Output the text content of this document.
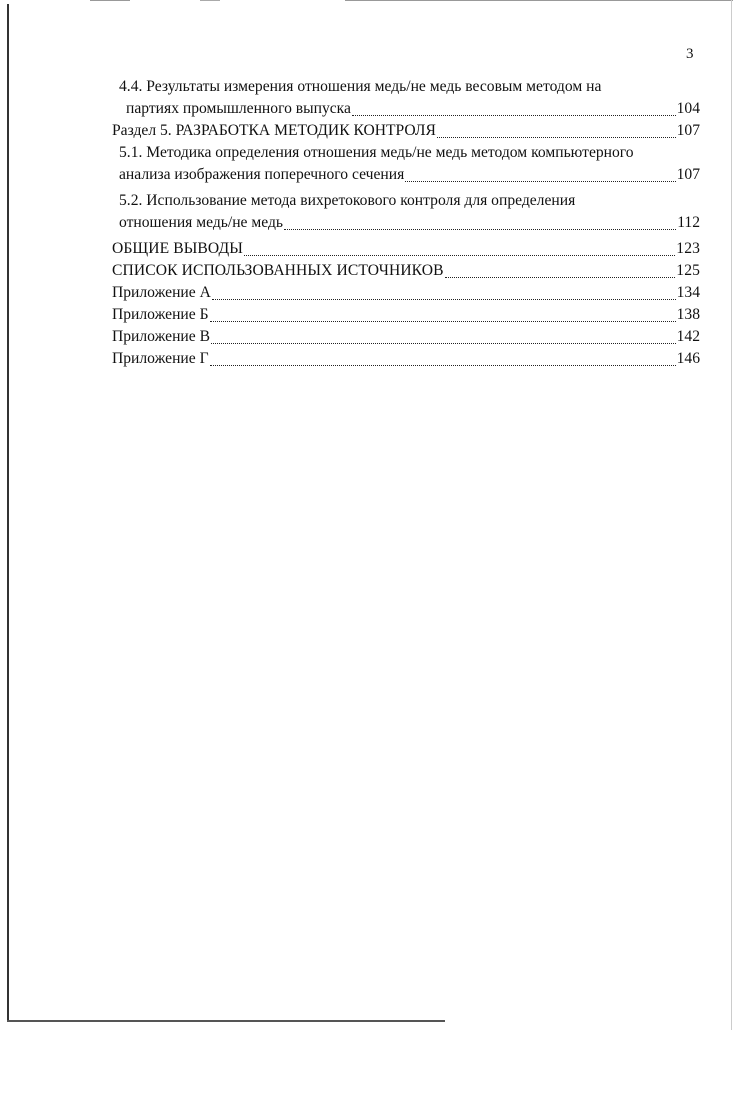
3
4.4. Результаты измерения отношения медь/не медь весовым методом на
партиях промышленного выпуска	104
Раздел 5. РАЗРАБОТКА МЕТОДИК КОНТРОЛЯ	107
5.1. Методика определения отношения медь/не медь методом компьютерного
анализа изображения поперечного сечения	107
5.2. Использование метода вихретокового контроля для определения
отношения медь/не медь	112
ОБЩИЕ ВЫВОДЫ	123
СПИСОК ИСПОЛЬЗОВАННЫХ ИСТОЧНИКОВ	125
Приложение А	134
Приложение Б	138
Приложение В	142
Приложение Г	146
